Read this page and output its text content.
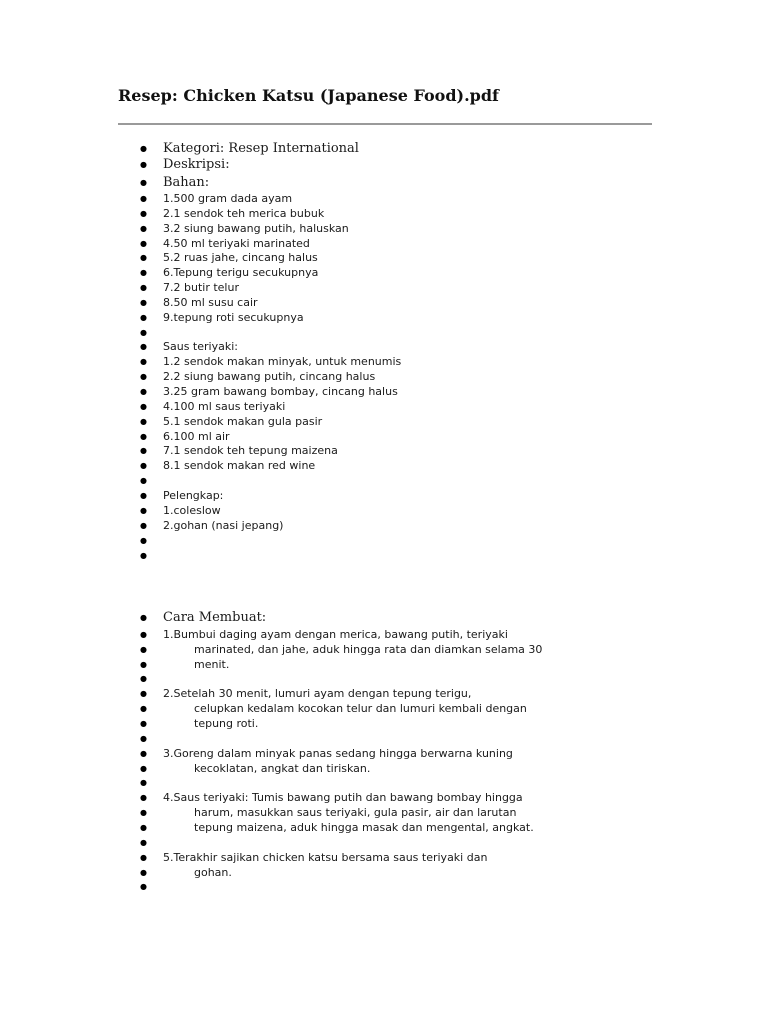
Resep: Chicken Katsu (Japanese Food).pdf
● Kategori: Resep International
● Deskripsi:
● Bahan:
● 1.500 gram dada ayam
● 2.1 sendok teh merica bubuk
● 3.2 siung bawang putih, haluskan
● 4.50 ml teriyaki marinated
● 5.2 ruas jahe, cincang halus
● 6.Tepung terigu secukupnya
● 7.2 butir telur
● 8.50 ml susu cair
● 9.tepung roti secukupnya
●
● Saus teriyaki:
● 1.2 sendok makan minyak, untuk menumis
● 2.2 siung bawang putih, cincang halus
● 3.25 gram bawang bombay, cincang halus
● 4.100 ml saus teriyaki
● 5.1 sendok makan gula pasir
● 6.100 ml air
● 7.1 sendok teh tepung maizena
● 8.1 sendok makan red wine
●
● Pelengkap:
● 1.coleslow
● 2.gohan (nasi jepang)
●
●
● Cara Membuat:
● 1.Bumbui daging ayam dengan merica, bawang putih, teriyaki
●	marinated, dan jahe, aduk hingga rata dan diamkan selama 30
●	menit.
●
● 2.Setelah 30 menit, lumuri ayam dengan tepung terigu,
●	celupkan kedalam kocokan telur dan lumuri kembali dengan
●	tepung roti.
●
● 3.Goreng dalam minyak panas sedang hingga berwarna kuning
●	kecoklatan, angkat dan tiriskan.
●
● 4.Saus teriyaki: Tumis bawang putih dan bawang bombay hingga
●	harum, masukkan saus teriyaki, gula pasir, air dan larutan
●	tepung maizena, aduk hingga masak dan mengental, angkat.
●
● 5.Terakhir sajikan chicken katsu bersama saus teriyaki dan
●	gohan.
●
